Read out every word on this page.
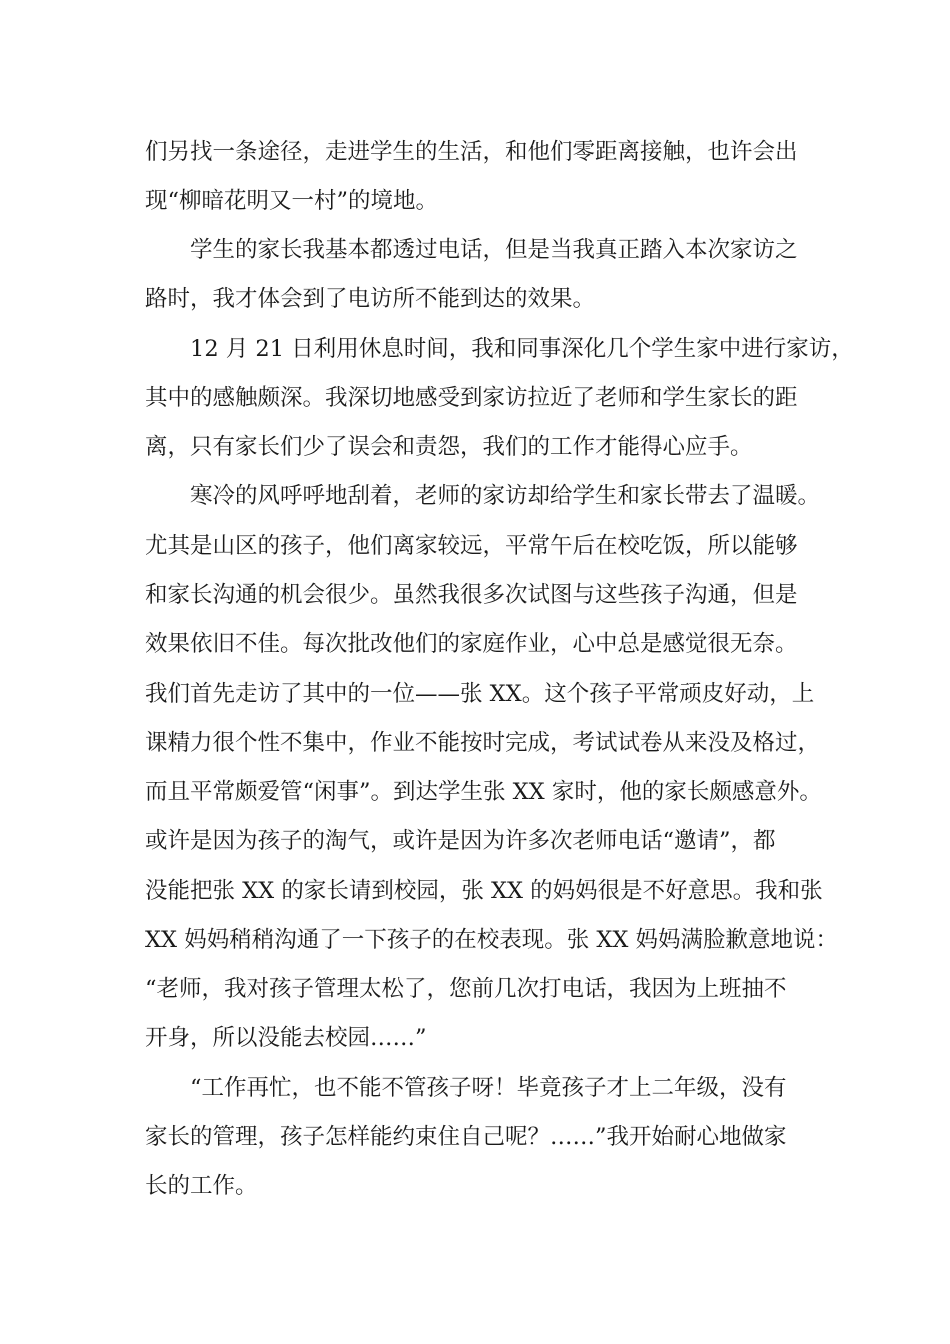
们另找一条途径，走进学生的生活，和他们零距离接触，也许会出
现“柳暗花明又一村”的境地。
学生的家长我基本都透过电话，但是当我真正踏入本次家访之
路时，我才体会到了电访所不能到达的效果。
12 月 21 日利用休息时间，我和同事深化几个学生家中进行家访，
其中的感触颇深。我深切地感受到家访拉近了老师和学生家长的距
离，只有家长们少了误会和责怨，我们的工作才能得心应手。
寒冷的风呼呼地刮着，老师的家访却给学生和家长带去了温暖。
尤其是山区的孩子，他们离家较远，平常午后在校吃饭，所以能够
和家长沟通的机会很少。虽然我很多次试图与这些孩子沟通，但是
效果依旧不佳。每次批改他们的家庭作业，心中总是感觉很无奈。
我们首先走访了其中的一位——张 XX。这个孩子平常顽皮好动，上
课精力很个性不集中，作业不能按时完成，考试试卷从来没及格过，
而且平常颇爱管“闲事”。到达学生张 XX 家时，他的家长颇感意外。
或许是因为孩子的淘气，或许是因为许多次老师电话“邀请”，都
没能把张 XX 的家长请到校园，张 XX 的妈妈很是不好意思。我和张
XX 妈妈稍稍沟通了一下孩子的在校表现。张 XX 妈妈满脸歉意地说：
“老师，我对孩子管理太松了，您前几次打电话，我因为上班抽不
开身，所以没能去校园……”
“工作再忙，也不能不管孩子呀！毕竟孩子才上二年级，没有
家长的管理，孩子怎样能约束住自己呢？……”我开始耐心地做家
长的工作。
